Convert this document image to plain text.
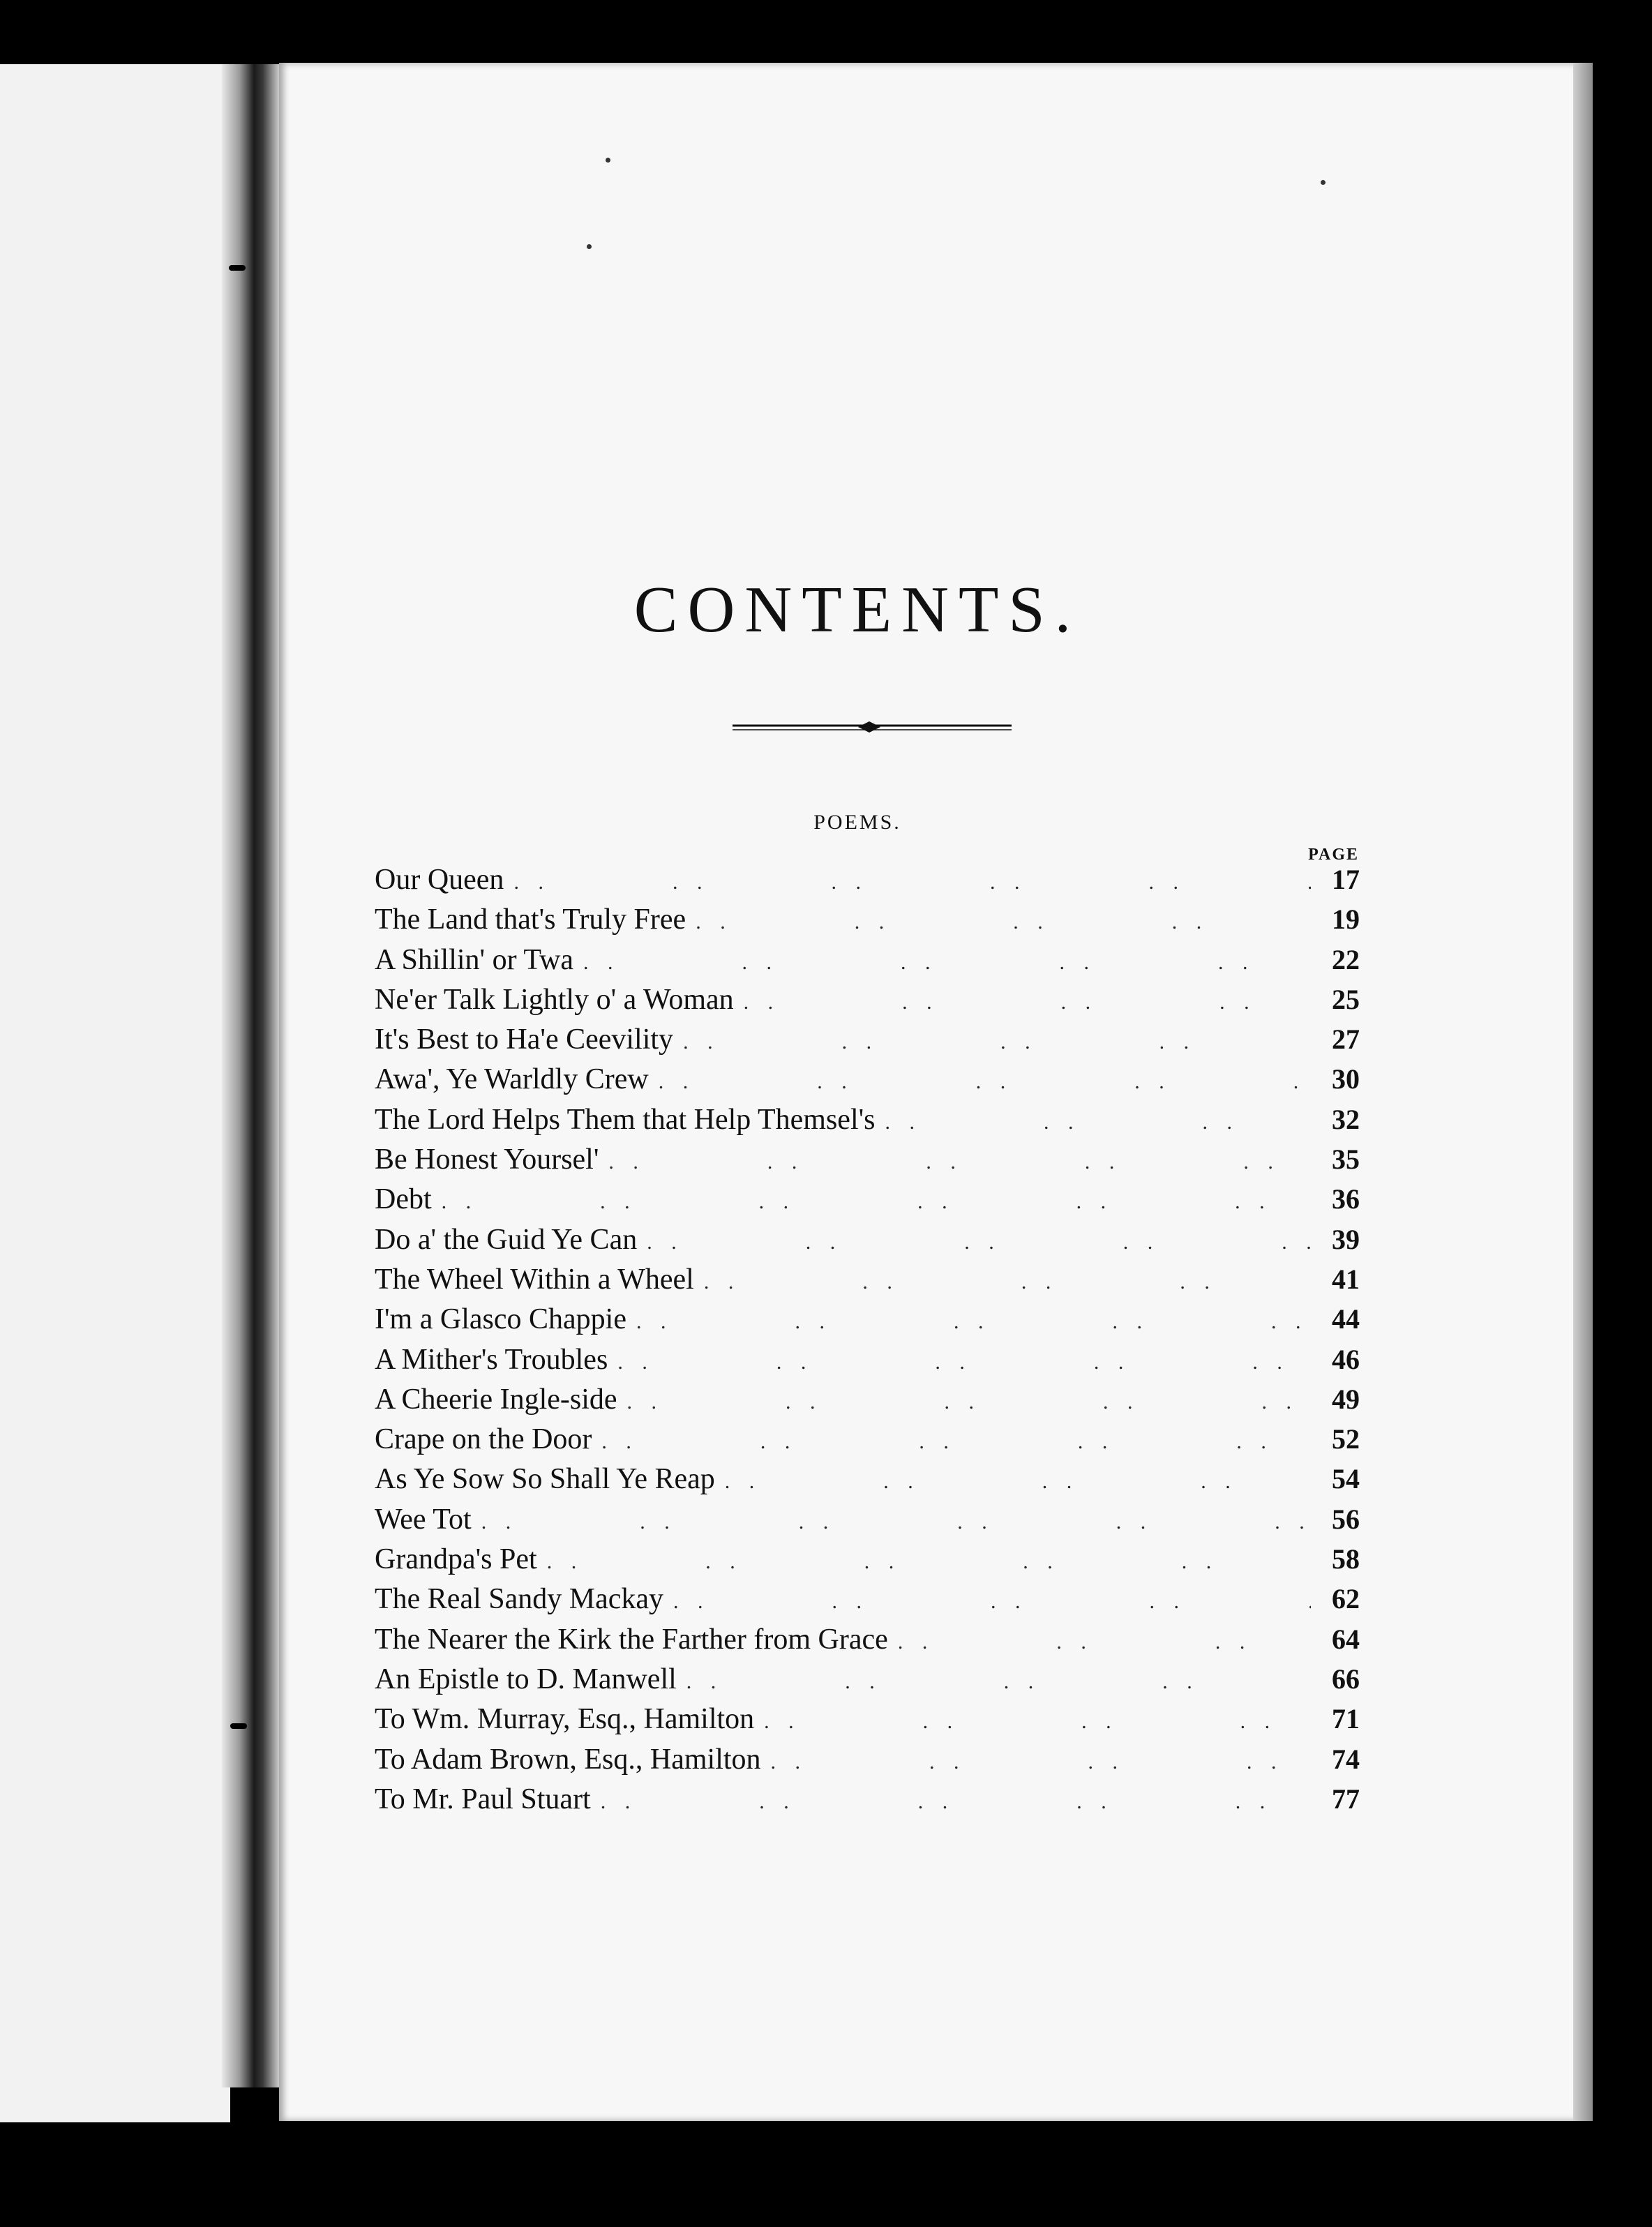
CONTENTS.
POEMS.
PAGE
Our Queen . .	17
The Land that's Truly Free . .	19
A Shillin' or Twa . .	22
Ne'er Talk Lightly o' a Woman . .	25
It's Best to Ha'e Ceevility . .	27
Awa', Ye Warldly Crew . .	30
The Lord Helps Them that Help Themsel's . .	32
Be Honest Yoursel' . .	35
Debt . .	36
Do a' the Guid Ye Can . .	39
The Wheel Within a Wheel . .	41
I'm a Glasco Chappie . .	44
A Mither's Troubles . .	46
A Cheerie Ingle-side . .	49
Crape on the Door . .	52
As Ye Sow So Shall Ye Reap . .	54
Wee Tot . .	56
Grandpa's Pet . .	58
The Real Sandy Mackay . .	62
The Nearer the Kirk the Farther from Grace . .	64
An Epistle to D. Manwell . .	66
To Wm. Murray, Esq., Hamilton . .	71
To Adam Brown, Esq., Hamilton . .	74
To Mr. Paul Stuart . .	77
